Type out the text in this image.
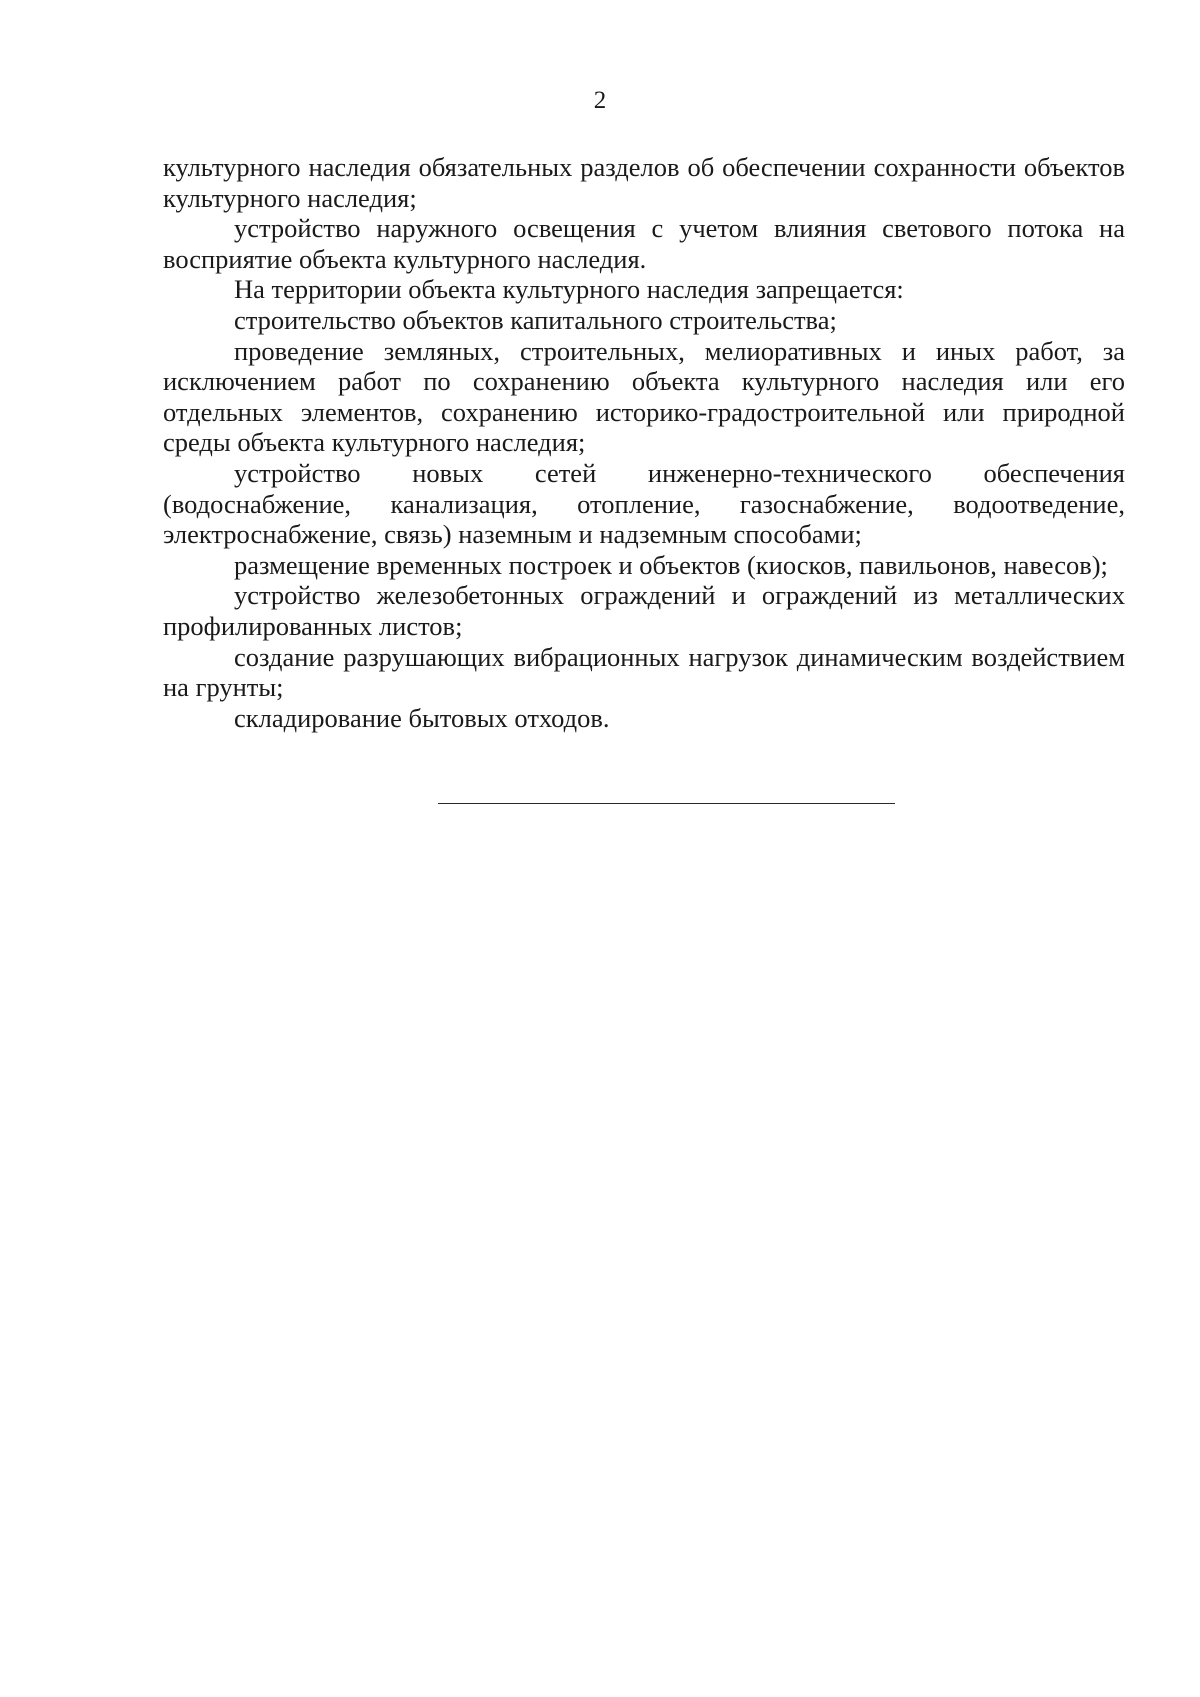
2

культурного наследия обязательных разделов об обеспечении сохранности объектов культурного наследия;

устройство наружного освещения с учетом влияния светового потока на восприятие объекта культурного наследия.

На территории объекта культурного наследия запрещается:

строительство объектов капитального строительства;

проведение земляных, строительных, мелиоративных и иных работ, за исключением работ по сохранению объекта культурного наследия или его отдельных элементов, сохранению историко-градостроительной или природной среды объекта культурного наследия;

устройство новых сетей инженерно-технического обеспечения (водоснабжение, канализация, отопление, газоснабжение, водоотведение, электроснабжение, связь) наземным и надземным способами;

размещение временных построек и объектов (киосков, павильонов, навесов);

устройство железобетонных ограждений и ограждений из металлических профилированных листов;

создание разрушающих вибрационных нагрузок динамическим воздействием на грунты;

складирование бытовых отходов.
